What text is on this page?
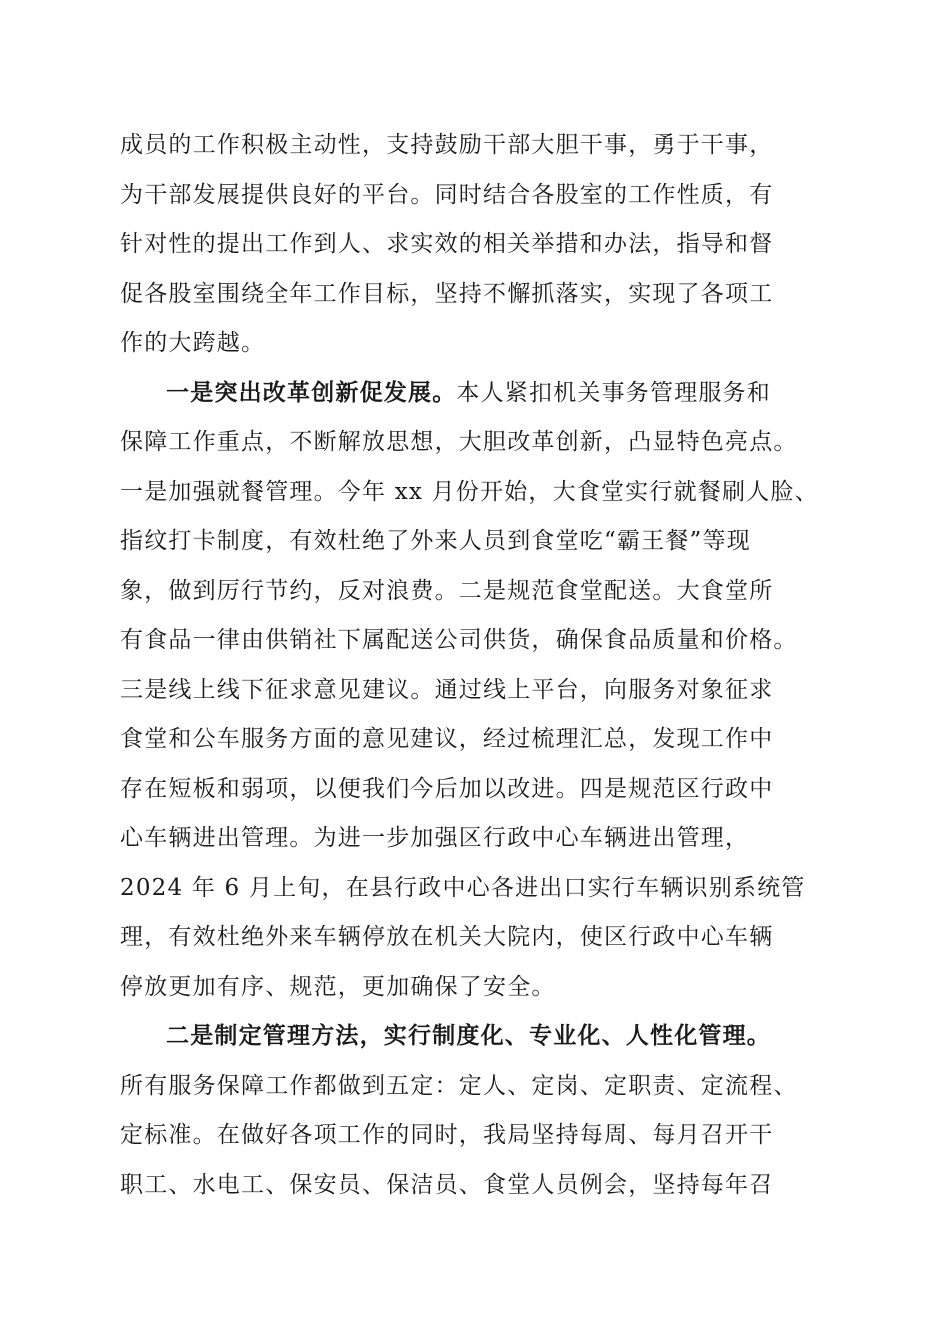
成员的工作积极主动性，支持鼓励干部大胆干事，勇于干事，
为干部发展提供良好的平台。同时结合各股室的工作性质，有
针对性的提出工作到人、求实效的相关举措和办法，指导和督
促各股室围绕全年工作目标，坚持不懈抓落实，实现了各项工
作的大跨越。
一是突出改革创新促发展。本人紧扣机关事务管理服务和
保障工作重点，不断解放思想，大胆改革创新，凸显特色亮点。
一是加强就餐管理。今年 xx 月份开始，大食堂实行就餐刷人脸、
指纹打卡制度，有效杜绝了外来人员到食堂吃“霸王餐”等现
象，做到厉行节约，反对浪费。二是规范食堂配送。大食堂所
有食品一律由供销社下属配送公司供货，确保食品质量和价格。
三是线上线下征求意见建议。通过线上平台，向服务对象征求
食堂和公车服务方面的意见建议，经过梳理汇总，发现工作中
存在短板和弱项，以便我们今后加以改进。四是规范区行政中
心车辆进出管理。为进一步加强区行政中心车辆进出管理，
2024 年 6 月上旬，在县行政中心各进出口实行车辆识别系统管
理，有效杜绝外来车辆停放在机关大院内，使区行政中心车辆
停放更加有序、规范，更加确保了安全。
二是制定管理方法，实行制度化、专业化、人性化管理。
所有服务保障工作都做到五定：定人、定岗、定职责、定流程、
定标准。在做好各项工作的同时，我局坚持每周、每月召开干
职工、水电工、保安员、保洁员、食堂人员例会，坚持每年召
